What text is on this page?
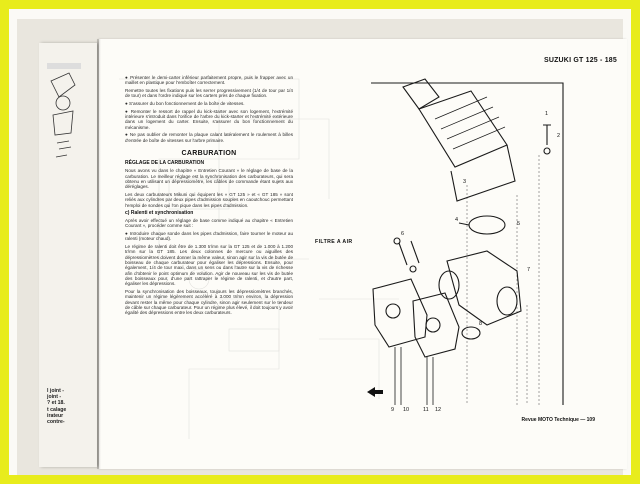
l joint -
joint -
? et 18.
t calage
irateur
contre-
SUZUKI GT 125 - 185

● Présenter le demi-carter inférieur parfaitement propre, puis le frapper avec un maillet en plastique pour l'emboîter correctement.

Remettre toutes les fixations puis les serrer progressivement (1/4 de tour par 1/4 de tour) et dans l'ordre indiqué sur les carters près de chaque fixation.

● S'assurer du bon fonctionnement de la boîte de vitesses.

● Remonter le ressort de rappel du kick-starter avec son logement, l'extrémité intérieure s'introduit dans l'orifice de l'arbre du kick-starter et l'extrémité extérieure dans un logement du carter. Ensuite, s'assurer du bon fonctionnement du mécanisme.

● Ne pas oublier de remonter la plaque calant latéralement le roulement à billes d'entrée de boîte de vitesses sur l'arbre primaire.

CARBURATION
RÉGLAGE DE LA CARBURATION

Nous avons vu dans le chapitre « Entretien Courant » le réglage de base de la carburation. Le meilleur réglage est la synchronisation des carburateurs, qui sera obtenu en utilisant un dépressiomètre, les câbles de commande étant sujets aux déréglages.

Les deux carburateurs Mikuni qui équipent les « GT 125 » et « GT 185 » sont reliés aux cylindres par deux pipes d'admission souples en caoutchouc permettant l'emploi de sondes qui l'on pique dans les pipes d'admission.

c) Ralenti et synchronisation

Après avoir effectué un réglage de base comme indiqué au chapitre « Entretien Courant », procéder comme suit :

● Introduire chaque sonde dans les pipes d'admission, faire tourner le moteur au ralenti (moteur chaud).

Le régime de ralenti doit être de 1.300 tr/mn sur la GT 125 et de 1.000 à 1.200 tr/mn sur la GT 185. Les deux colonnes de mercure ou aiguilles des dépressiomètres doivent donner la même valeur, sinon agir sur la vis de butée de boisseau de chaque carburateur pour égaliser les dépressions. Ensuite, pour également, 1/4 de tour maxi, dans un sens ou dans l'autre sur la vis de richesse afin d'obtenir le point optimum de volution. Agir de nouveau sur les vis de butée des boisseaux pour, d'une part rattraper le régime de ralenti, et d'autre part, égaliser les dépressions.

Pour la synchronisation des boisseaux, toujours les dépressiomètres branchés, maintenir un régime légèrement accéléré à 3.000 tr/mn environ, la dépression devant rester la même pour chaque cylindre, sinon agir seulement sur le tendeur de câble sur chaque carburateur. Pour un régime plus élevé, il doit toujours y avoir égalité des dépressions entre les deux carburateurs.

FILTRE A AIR
1
2
3
4
5
6
7
8
9 10	11 12
Revue MOTO Technique — 109
